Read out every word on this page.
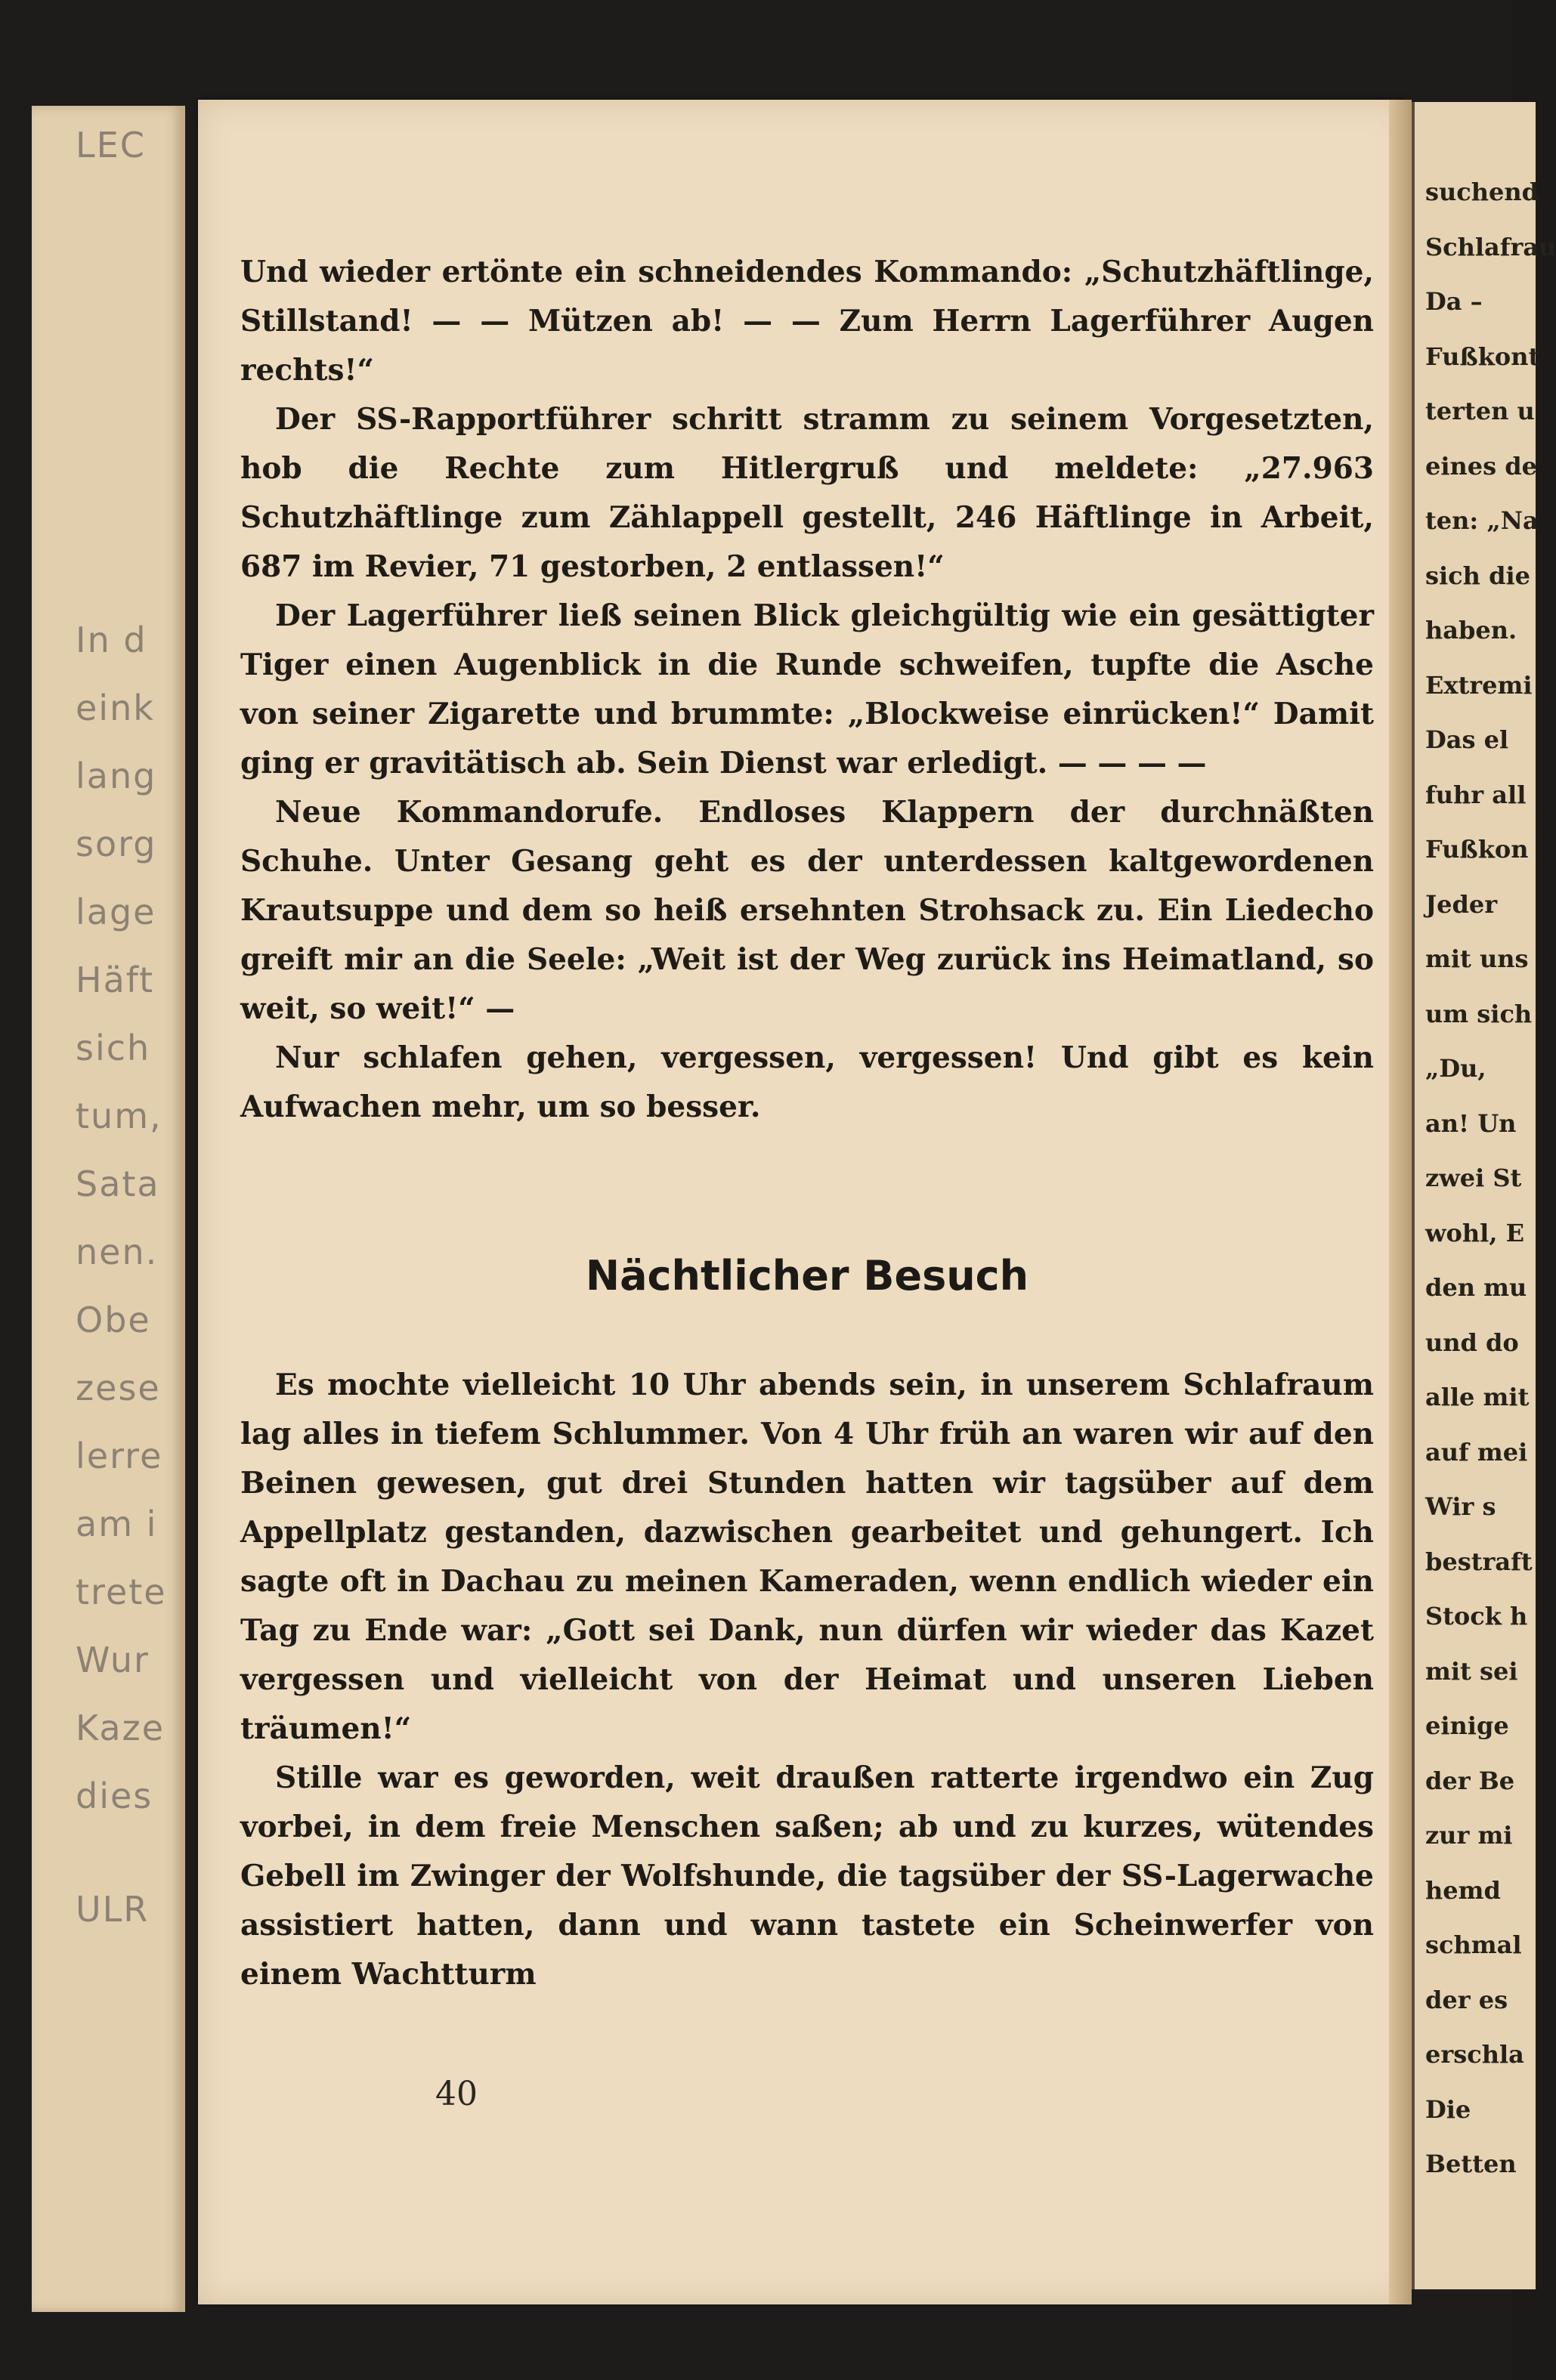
LEC
In d
eink
lang
sorg
lage
Häft
sich
tum,
Sata
nen.
Obe
zese
lerre
am i
trete
Wur
Kaze
dies
ULR
suchend
Schlafrau
Da –
Fußkont
terten u
eines de
ten: „Na
sich die
haben.
Extremi
Das el
fuhr all
Fußkon
Jeder
mit uns
um sich
„Du,
an! Un
zwei St
wohl, E
den mu
und do
alle mit
auf mei
Wir s
bestraft
Stock h
mit sei
einige
der Be
zur mi
hemd
schmal
der es
erschla
Die
Betten

Und wieder ertönte ein schneidendes Kommando: „Schutzhäftlinge, Stillstand! — — Mützen ab! — — Zum Herrn Lagerführer Augen rechts!“

Der SS-Rapportführer schritt stramm zu seinem Vorgesetzten, hob die Rechte zum Hitlergruß und meldete: „27.963 Schutzhäftlinge zum Zählappell gestellt, 246 Häftlinge in Arbeit, 687 im Revier, 71 gestorben, 2 entlassen!“

Der Lagerführer ließ seinen Blick gleichgültig wie ein gesättigter Tiger einen Augenblick in die Runde schweifen, tupfte die Asche von seiner Zigarette und brummte: „Blockweise einrücken!“ Damit ging er gravitätisch ab. Sein Dienst war erledigt. — — — —

Neue Kommandorufe. Endloses Klappern der durchnäßten Schuhe. Unter Gesang geht es der unterdessen kaltgewordenen Krautsuppe und dem so heiß ersehnten Strohsack zu. Ein Liedecho greift mir an die Seele: „Weit ist der Weg zurück ins Heimatland, so weit, so weit!“ —

Nur schlafen gehen, vergessen, vergessen! Und gibt es kein Aufwachen mehr, um so besser.

Nächtlicher Besuch

Es mochte vielleicht 10 Uhr abends sein, in unserem Schlafraum lag alles in tiefem Schlummer. Von 4 Uhr früh an waren wir auf den Beinen gewesen, gut drei Stunden hatten wir tagsüber auf dem Appellplatz gestanden, dazwischen gearbeitet und gehungert. Ich sagte oft in Dachau zu meinen Kameraden, wenn endlich wieder ein Tag zu Ende war: „Gott sei Dank, nun dürfen wir wieder das Kazet vergessen und vielleicht von der Heimat und unseren Lieben träumen!“

Stille war es geworden, weit draußen ratterte irgendwo ein Zug vorbei, in dem freie Menschen saßen; ab und zu kurzes, wütendes Gebell im Zwinger der Wolfshunde, die tagsüber der SS-Lagerwache assistiert hatten, dann und wann tastete ein Scheinwerfer von einem Wachtturm

40
